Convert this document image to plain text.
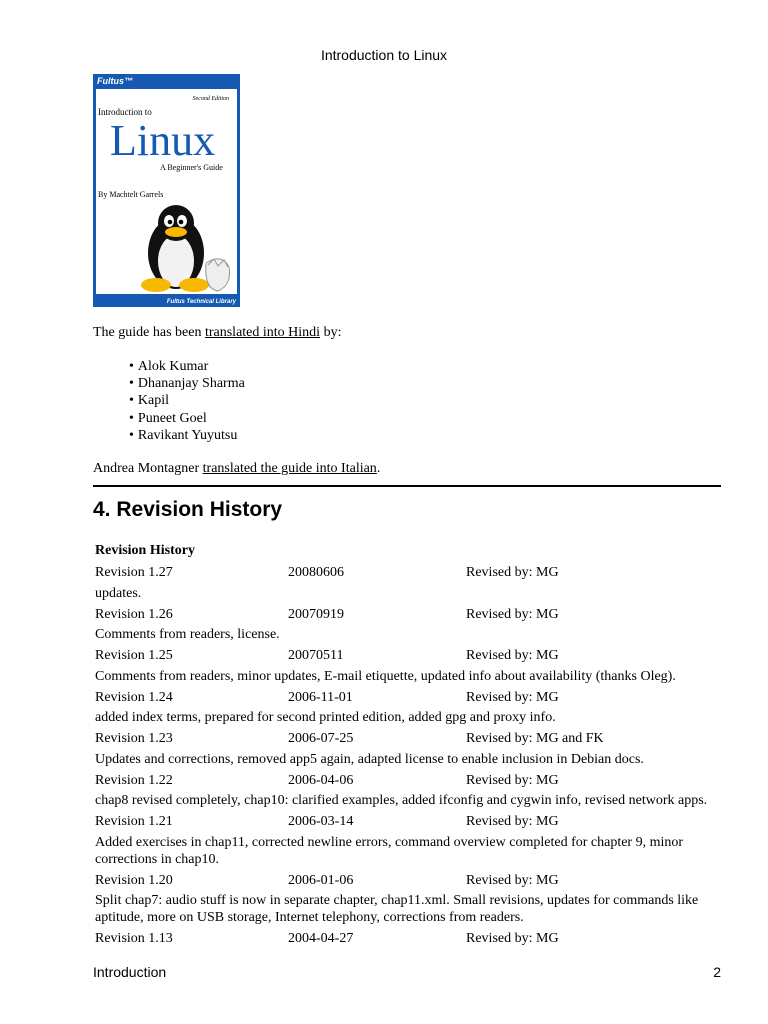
Introduction to Linux
Fultus™
Second Edition
Introduction to
Linux
A Beginner's Guide
By Machtelt Garrels
Fultus Technical Library
The guide has been translated into Hindi by:
• Alok Kumar
• Dhananjay Sharma
• Kapil
• Puneet Goel
• Ravikant Yuyutsu
Andrea Montagner translated the guide into Italian.
4. Revision History
Revision History
Revision 1.27	20080606	Revised by: MG
updates.
Revision 1.26	20070919	Revised by: MG
Comments from readers, license.
Revision 1.25	20070511	Revised by: MG
Comments from readers, minor updates, E-mail etiquette, updated info about availability (thanks Oleg).
Revision 1.24	2006-11-01	Revised by: MG
added index terms, prepared for second printed edition, added gpg and proxy info.
Revision 1.23	2006-07-25	Revised by: MG and FK
Updates and corrections, removed app5 again, adapted license to enable inclusion in Debian docs.
Revision 1.22	2006-04-06	Revised by: MG
chap8 revised completely, chap10: clarified examples, added ifconfig and cygwin info, revised network apps.
Revision 1.21	2006-03-14	Revised by: MG
Added exercises in chap11, corrected newline errors, command overview completed for chapter 9, minor corrections in chap10.
Revision 1.20	2006-01-06	Revised by: MG
Split chap7: audio stuff is now in separate chapter, chap11.xml. Small revisions, updates for commands like aptitude, more on USB storage, Internet telephony, corrections from readers.
Revision 1.13	2004-04-27	Revised by: MG
Introduction	2
